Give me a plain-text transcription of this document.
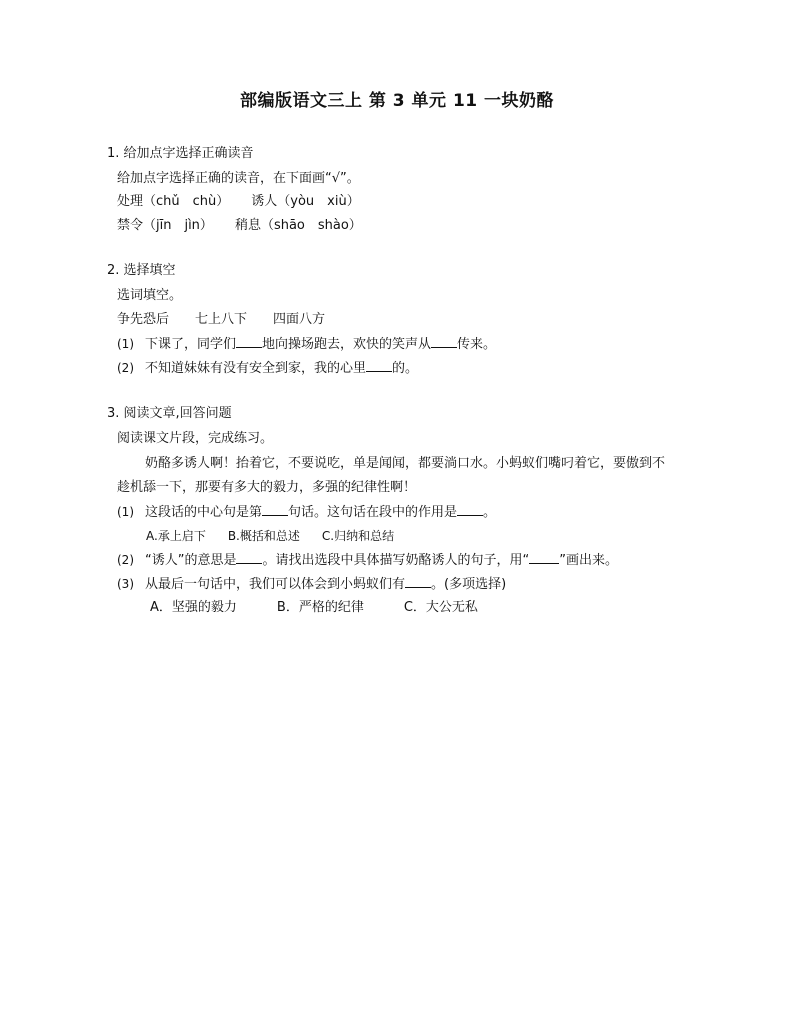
部编版语文三上 第 3 单元 11 一块奶酪
1. 给加点字选择正确读音
给加点字选择正确的读音，在下面画“√”。
处理（chǔ　chù） 诱人（yòu　xiù）
禁令（jīn　jìn） 稍息（shāo　shào）
2. 选择填空
选词填空。
争先恐后 七上八下 四面八方
(1) 下课了，同学们 地向操场跑去，欢快的笑声从 传来。
(2) 不知道妹妹有没有安全到家，我的心里 的。
3. 阅读文章,回答问题
阅读课文片段，完成练习。
奶酪多诱人啊！抬着它，不要说吃，单是闻闻，都要淌口水。小蚂蚁们嘴叼着它，要傲到不
趁机舔一下，那要有多大的毅力，多强的纪律性啊！
(1) 这段话的中心句是第 句话。这句话在段中的作用是 。
A.承上启下 B.概括和总述 C.归纳和总结
(2) “诱人”的意思是 。请找出选段中具体描写奶酪诱人的句子，用“ ”画出来。
(3) 从最后一句话中，我们可以体会到小蚂蚁们有 。(多项选择)
A．坚强的毅力	B．严格的纪律	C．大公无私
